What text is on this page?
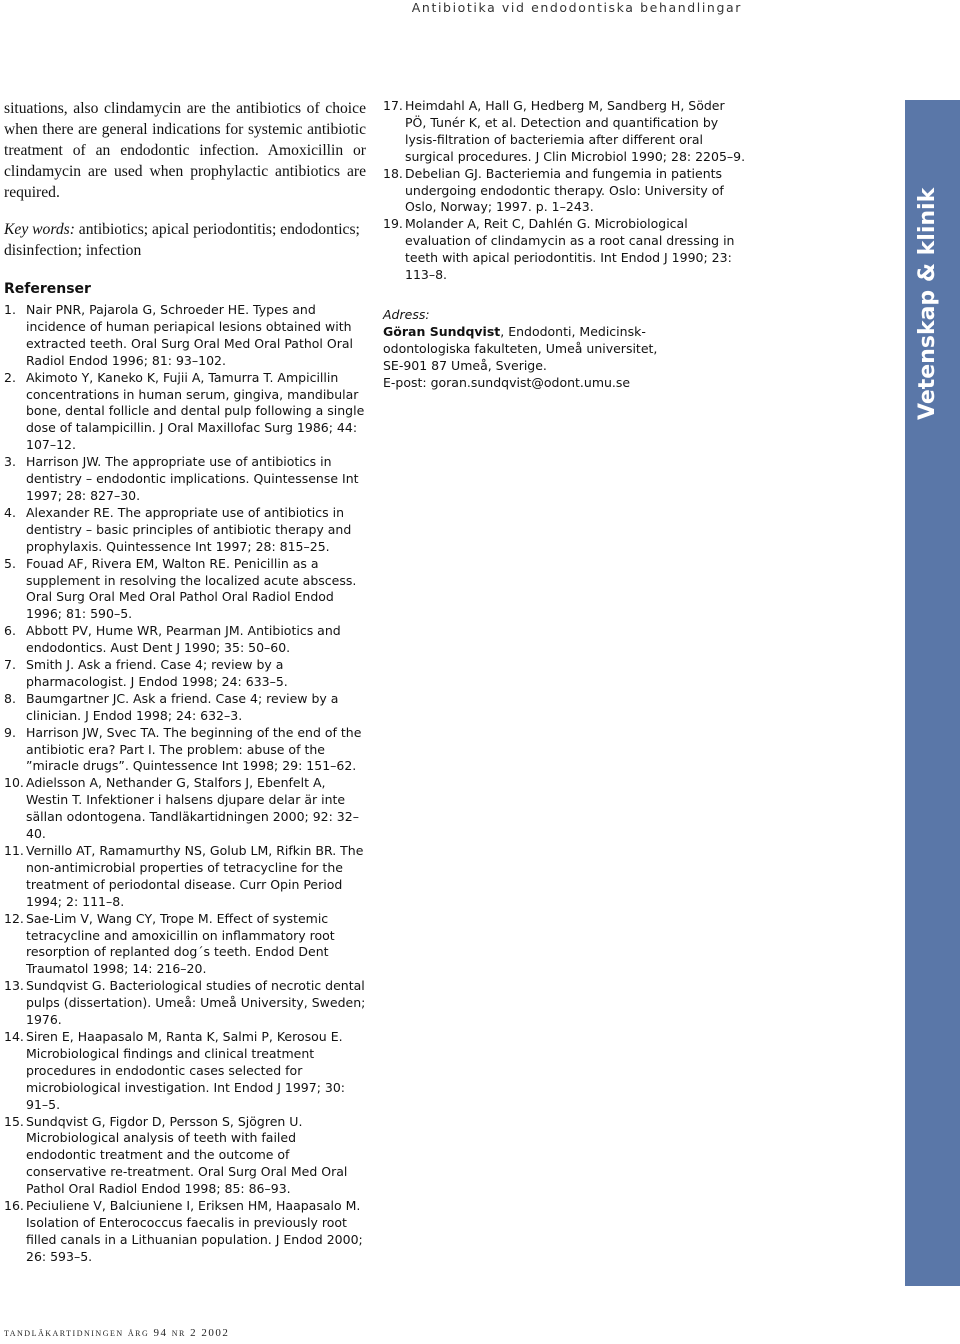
Antibiotika vid endodontiska behandlingar
Vetenskap & klinik

situations, also clindamycin are the antibiotics of choice when there are general indications for systemic antibiotic treatment of an endodontic infection. Amoxicillin or clindamycin are used when prophylactic antibiotics are required.

Key words: antibiotics; apical periodontitis; endodontics; disinfection; infection

Referenser
1. Nair PNR, Pajarola G, Schroeder HE. Types and incidence of human periapical lesions obtained with extracted teeth. Oral Surg Oral Med Oral Pathol Oral Radiol Endod 1996; 81: 93–102.
2. Akimoto Y, Kaneko K, Fujii A, Tamurra T. Ampicillin concentrations in human serum, gingiva, mandibular bone, dental follicle and dental pulp following a single dose of talampicillin. J Oral Maxillofac Surg 1986; 44: 107–12.
3. Harrison JW. The appropriate use of antibiotics in dentistry – endodontic implications. Quintessense Int 1997; 28: 827–30.
4. Alexander RE. The appropriate use of antibiotics in dentistry – basic principles of antibiotic therapy and prophylaxis. Quintessence Int 1997; 28: 815–25.
5. Fouad AF, Rivera EM, Walton RE. Penicillin as a supplement in resolving the localized acute abscess. Oral Surg Oral Med Oral Pathol Oral Radiol Endod 1996; 81: 590–5.
6. Abbott PV, Hume WR, Pearman JM. Antibiotics and endodontics. Aust Dent J 1990; 35: 50–60.
7. Smith J. Ask a friend. Case 4; review by a pharmacologist. J Endod 1998; 24: 633–5.
8. Baumgartner JC. Ask a friend. Case 4; review by a clinician. J Endod 1998; 24: 632–3.
9. Harrison JW, Svec TA. The beginning of the end of the antibiotic era? Part I. The problem: abuse of the ”miracle drugs”. Quintessence Int 1998; 29: 151–62.
10. Adielsson A, Nethander G, Stalfors J, Ebenfelt A, Westin T. Infektioner i halsens djupare delar är inte sällan odontogena. Tandläkartidningen 2000; 92: 32–40.
11. Vernillo AT, Ramamurthy NS, Golub LM, Rifkin BR. The non-antimicrobial properties of tetracycline for the treatment of periodontal disease. Curr Opin Period 1994; 2: 111–8.
12. Sae-Lim V, Wang CY, Trope M. Effect of systemic tetracycline and amoxicillin on inflammatory root resorption of replanted dog´s teeth. Endod Dent Traumatol 1998; 14: 216–20.
13. Sundqvist G. Bacteriological studies of necrotic dental pulps (dissertation). Umeå: Umeå University, Sweden; 1976.
14. Siren E, Haapasalo M, Ranta K, Salmi P, Kerosou E. Microbiological findings and clinical treatment procedures in endodontic cases selected for microbiological investigation. Int Endod J 1997; 30: 91–5.
15. Sundqvist G, Figdor D, Persson S, Sjögren U. Microbiological analysis of teeth with failed endodontic treatment and the outcome of conservative re-treatment. Oral Surg Oral Med Oral Pathol Oral Radiol Endod 1998; 85: 86–93.
16. Peciuliene V, Balciuniene I, Eriksen HM, Haapasalo M. Isolation of Enterococcus faecalis in previously root filled canals in a Lithuanian population. J Endod 2000; 26: 593–5.
17. Heimdahl A, Hall G, Hedberg M, Sandberg H, Söder PÖ, Tunér K, et al. Detection and quantification by lysis-filtration of bacteriemia after different oral surgical procedures. J Clin Microbiol 1990; 28: 2205–9.
18. Debelian GJ. Bacteriemia and fungemia in patients undergoing endodontic therapy. Oslo: University of Oslo, Norway; 1997. p. 1–243.
19. Molander A, Reit C, Dahlén G. Microbiological evaluation of clindamycin as a root canal dressing in teeth with apical periodontitis. Int Endod J 1990; 23: 113–8.
Adress:
Göran Sundqvist, Endodonti, Medicinsk-
odontologiska fakulteten, Umeå universitet,
SE-901 87 Umeå, Sverige.
E-post: goran.sundqvist@odont.umu.se
tandläkartidningen årg 94 nr 2 2002
